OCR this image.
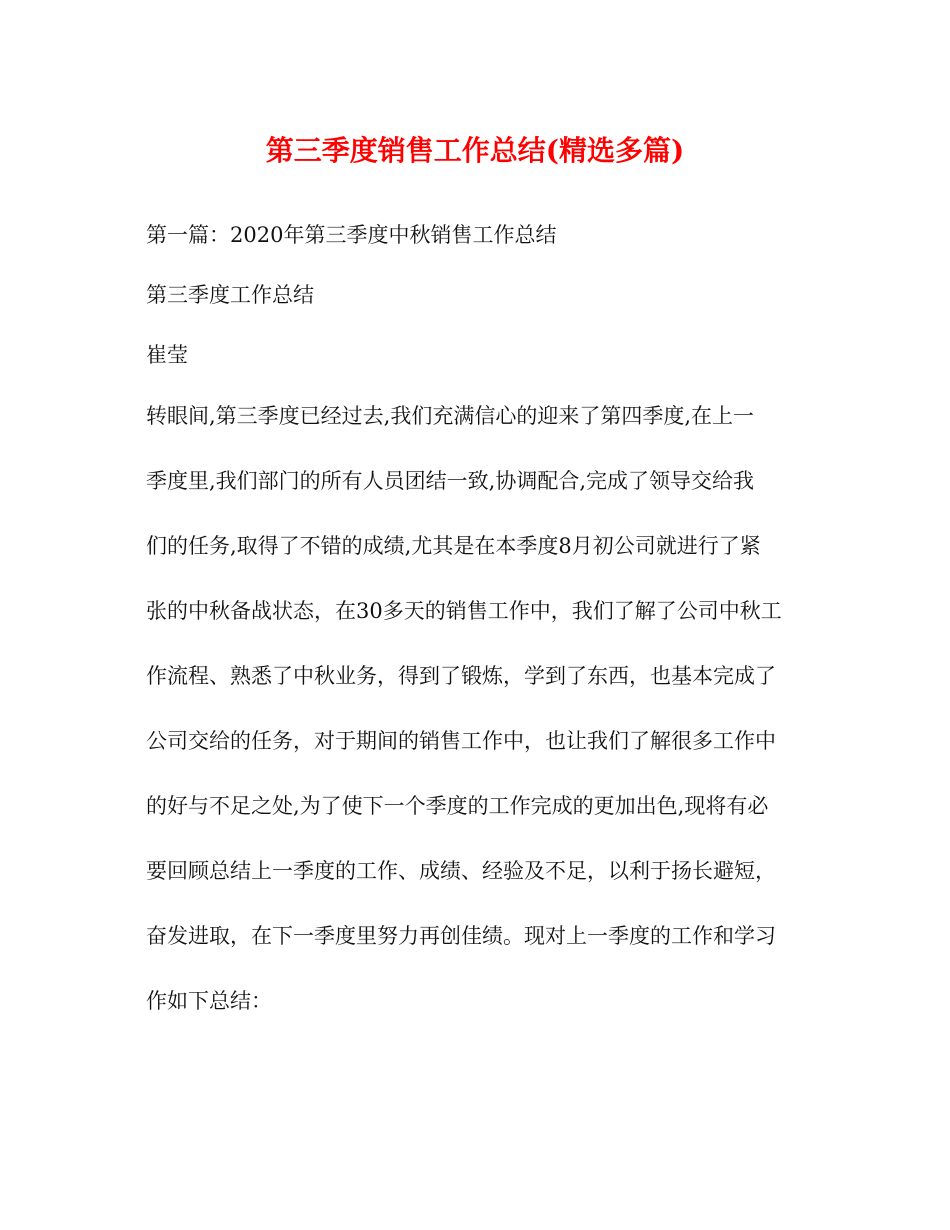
第三季度销售工作总结(精选多篇)
第一篇：2020年第三季度中秋销售工作总结
第三季度工作总结
崔莹
转眼间,第三季度已经过去,我们充满信心的迎来了第四季度,在上一
季度里,我们部门的所有人员团结一致,协调配合,完成了领导交给我
们的任务,取得了不错的成绩,尤其是在本季度8月初公司就进行了紧
张的中秋备战状态，在30多天的销售工作中，我们了解了公司中秋工
作流程、熟悉了中秋业务，得到了锻炼，学到了东西，也基本完成了
公司交给的任务，对于期间的销售工作中，也让我们了解很多工作中
的好与不足之处,为了使下一个季度的工作完成的更加出色,现将有必
要回顾总结上一季度的工作、成绩、经验及不足，以利于扬长避短，
奋发进取，在下一季度里努力再创佳绩。现对上一季度的工作和学习
作如下总结：
